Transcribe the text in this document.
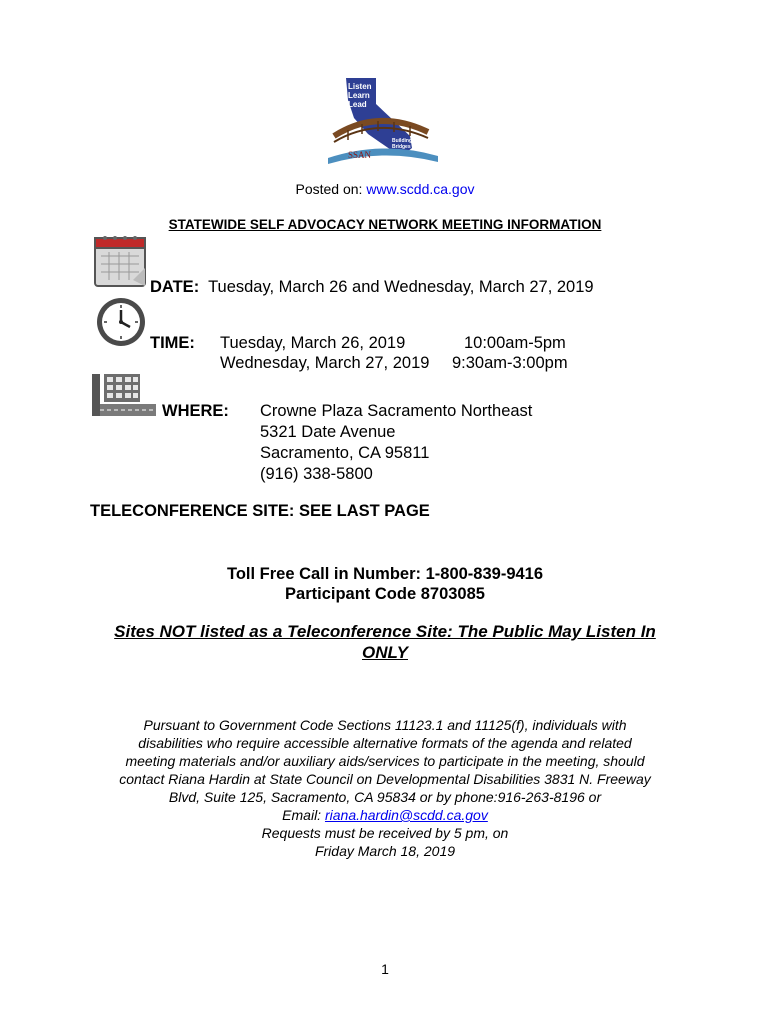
Listen
Learn
Lead
Building Bridges
SSAN
Posted on: www.scdd.ca.gov
STATEWIDE SELF ADVOCACY NETWORK MEETING INFORMATION
DATE: Tuesday, March 26 and Wednesday, March 27, 2019
TIME: Tuesday, March 26, 2019	10:00am-5pm
Wednesday, March 27, 2019 9:30am-3:00pm
WHERE: Crowne Plaza Sacramento Northeast
5321 Date Avenue
Sacramento, CA 95811
(916) 338-5800
TELECONFERENCE SITE: SEE LAST PAGE
Toll Free Call in Number: 1-800-839-9416
Participant Code 8703085
Sites NOT listed as a Teleconference Site: The Public May Listen In
ONLY
Pursuant to Government Code Sections 11123.1 and 11125(f), individuals with
disabilities who require accessible alternative formats of the agenda and related
meeting materials and/or auxiliary aids/services to participate in the meeting, should
contact Riana Hardin at State Council on Developmental Disabilities 3831 N. Freeway
Blvd, Suite 125, Sacramento, CA 95834 or by phone:916-263-8196 or
Email: riana.hardin@scdd.ca.gov
Requests must be received by 5 pm, on
Friday March 18, 2019
1
